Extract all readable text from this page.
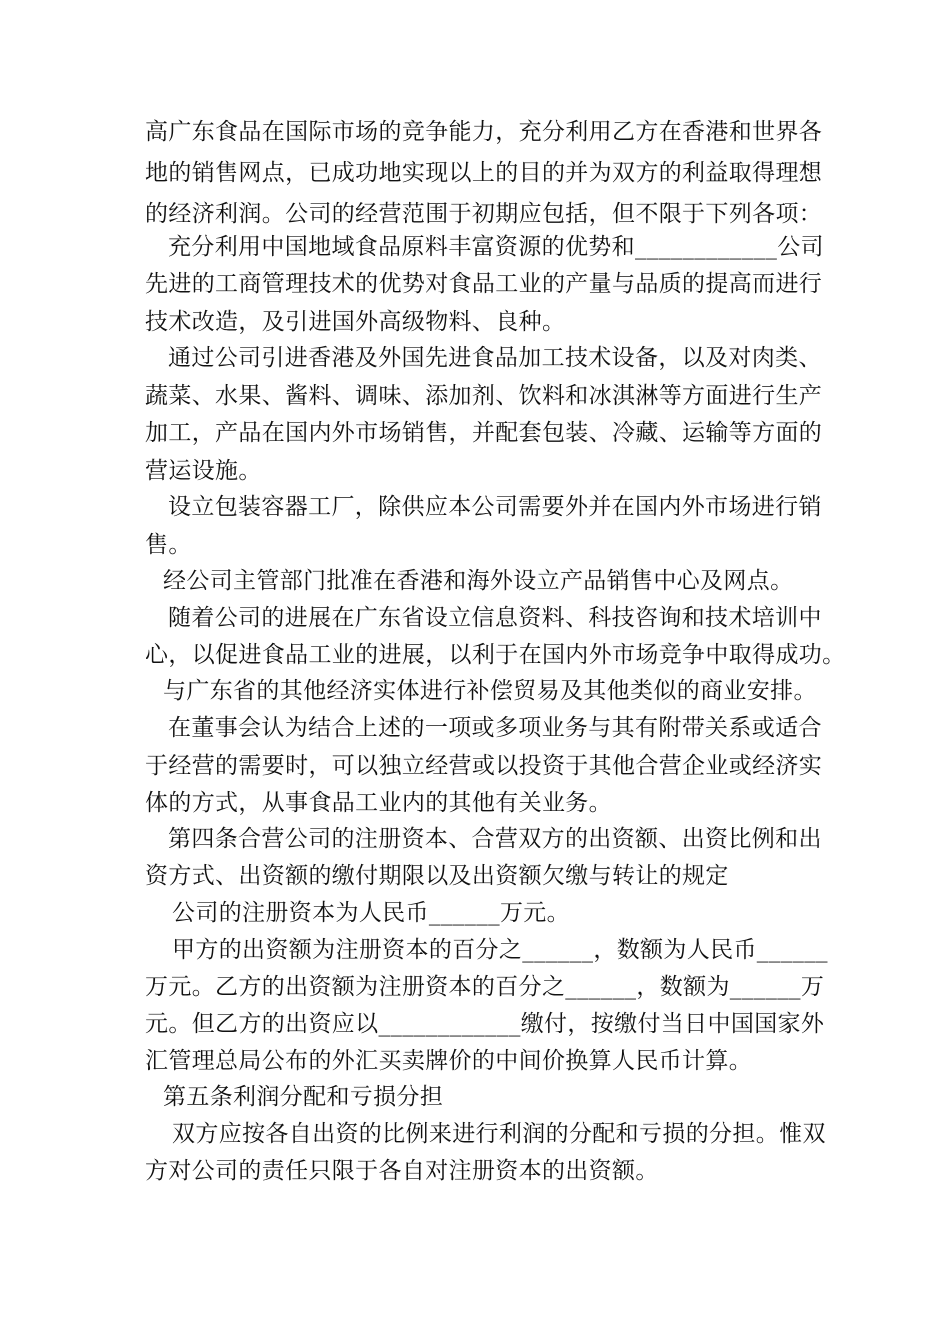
高广东食品在国际市场的竞争能力，充分利用乙方在香港和世界各
地的销售网点，已成功地实现以上的目的并为双方的利益取得理想
的经济利润。公司的经营范围于初期应包括，但不限于下列各项：
充分利用中国地域食品原料丰富资源的优势和____________公司
先进的工商管理技术的优势对食品工业的产量与品质的提高而进行
技术改造，及引进国外高级物料、良种。
通过公司引进香港及外国先进食品加工技术设备，以及对肉类、
蔬菜、水果、酱料、调味、添加剂、饮料和冰淇淋等方面进行生产
加工，产品在国内外市场销售，并配套包装、冷藏、运输等方面的
营运设施。
设立包装容器工厂，除供应本公司需要外并在国内外市场进行销
售。
经公司主管部门批准在香港和海外设立产品销售中心及网点。
随着公司的进展在广东省设立信息资料、科技咨询和技术培训中
心，以促进食品工业的进展，以利于在国内外市场竞争中取得成功。
与广东省的其他经济实体进行补偿贸易及其他类似的商业安排。
在董事会认为结合上述的一项或多项业务与其有附带关系或适合
于经营的需要时，可以独立经营或以投资于其他合营企业或经济实
体的方式，从事食品工业内的其他有关业务。
第四条合营公司的注册资本、合营双方的出资额、出资比例和出
资方式、出资额的缴付期限以及出资额欠缴与转让的规定
公司的注册资本为人民币______万元。
甲方的出资额为注册资本的百分之______，数额为人民币______
万元。乙方的出资额为注册资本的百分之______，数额为______万
元。但乙方的出资应以____________缴付，按缴付当日中国国家外
汇管理总局公布的外汇买卖牌价的中间价换算人民币计算。
第五条利润分配和亏损分担
双方应按各自出资的比例来进行利润的分配和亏损的分担。惟双
方对公司的责任只限于各自对注册资本的出资额。
